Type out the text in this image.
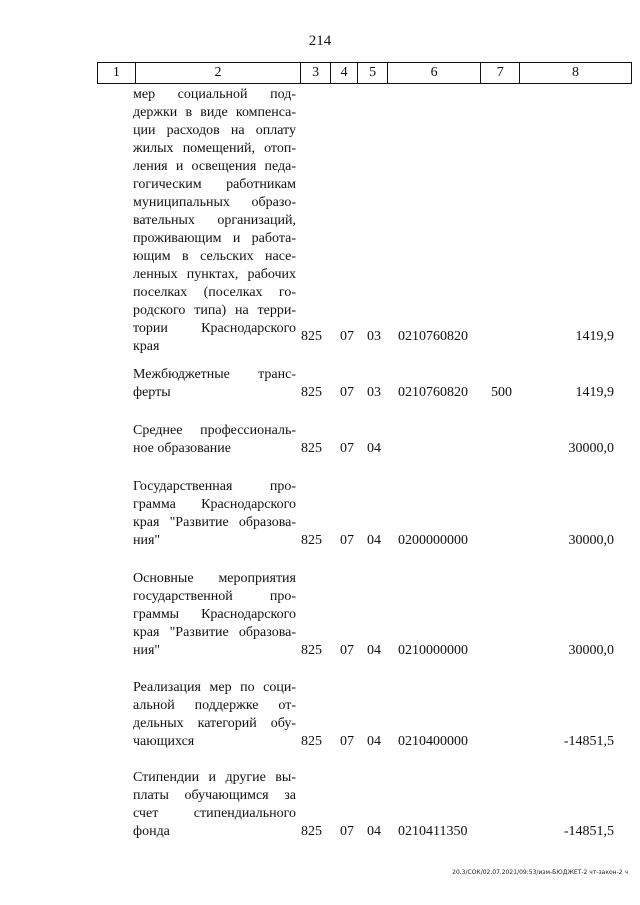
214
1	2	3	4	5	6	7	8
мер социальной под-держки в виде компенса-ции расходов на оплату жилых помещений, отоп-ления и освещения педа-гогическим работникам муниципальных образо-вательных организаций, проживающим и работа-ющим в сельских насе-ленных пунктах, рабочих поселках (поселках го-родского типа) на терри-тории Краснодарского края
825 07 03 0210760820	1419,9
Межбюджетные транс-ферты	825 07 03 0210760820 500	1419,9
Среднее профессиональ-ное образование	825 07 04	30000,0
Государственная про-грамма Краснодарского края "Развитие образова-ния"	825 07 04 0200000000	30000,0
Основные мероприятия государственной про-граммы Краснодарского края "Развитие образова-ния"	825 07 04 0210000000	30000,0
Реализация мер по соци-альной поддержке от-дельных категорий обу-чающихся	825 07 04 0210400000	-14851,5
Стипендии и другие вы-платы обучающимся за счет стипендиального фонда	825 07 04 0210411350	-14851,5
20.3/СОК/02.07.2021/09:53/изм-БЮДЖЕТ-2 чт-закон-2 ч
